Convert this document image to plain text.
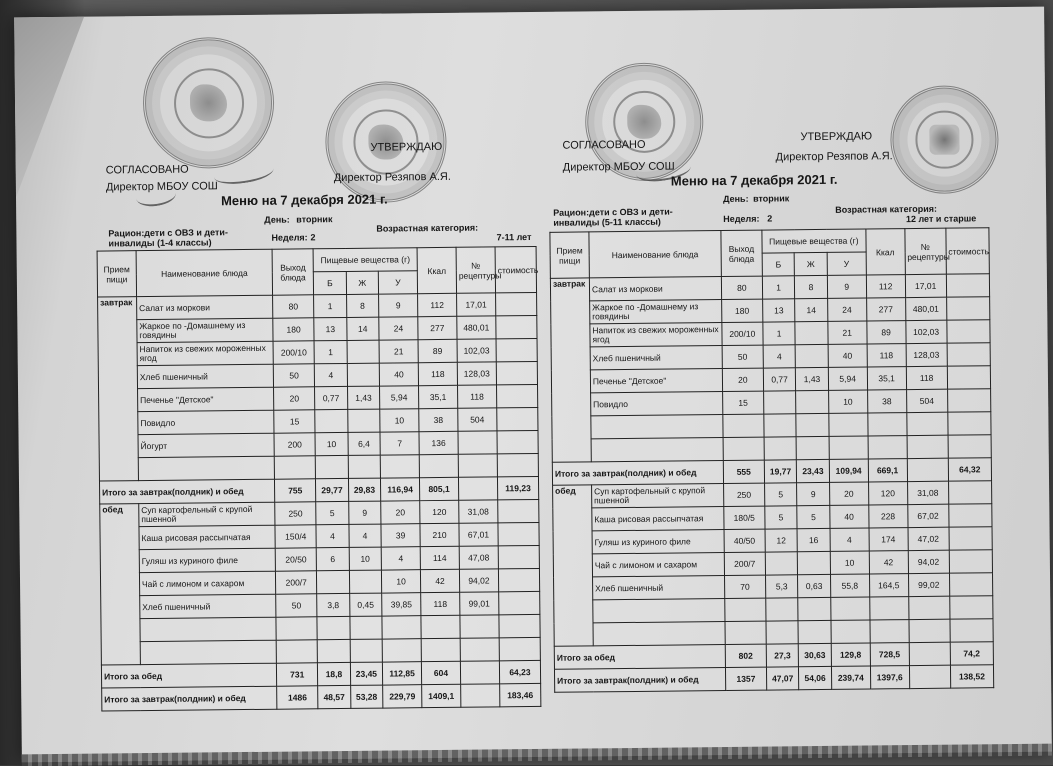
СОГЛАСОВАНО
Директор МБОУ СОШ
УТВЕРЖДАЮ
Директор Резяпов А.Я.
Меню на 7 декабря 2021 г.
День: вторник
Рацион:дети с ОВЗ и дети-инвалиды (1-4 классы)	Неделя: 2
Возрастная категория:
7-11 лет
Прием пищи	Наименование блюда	Выход блюда	Пищевые вещества (г)			Ккал	№ рецептуры	стоимость
			Б	Ж	У			
завтрак	Салат из моркови	80	1	8	9	112	17,01	
	Жаркое по -Домашнему из говядины	180	13	14	24	277	480,01	
	Напиток из свежих мороженных ягод	200/10	1		21	89	102,03	
	Хлеб пшеничный	50	4		40	118	128,03	
	Печенье "Детское"	20	0,77	1,43	5,94	35,1	118	
	Повидло	15			10	38	504	
	Йогурт	200	10	6,4	7	136		

Итого за завтрак(полдник) и обед		755	29,77	29,83	116,94	805,1		119,23
обед	Суп картофельный с крупой пшенной	250	5	9	20	120	31,08	
	Каша рисовая рассыпчатая	150/4	4	4	39	210	67,01	
	Гуляш из куриного филе	20/50	6	10	4	114	47,08	
	Чай с лимоном и сахаром	200/7			10	42	94,02	
	Хлеб пшеничный	50	3,8	0,45	39,85	118	99,01	

Итого за обед		731	18,8	23,45	112,85	604		64,23
Итого за завтрак(полдник) и обед		1486	48,57	53,28	229,79	1409,1		183,46
СОГЛАСОВАНО
Директор МБОУ СОШ
УТВЕРЖДАЮ
Директор Резяпов А.Я.
Меню на 7 декабря 2021 г.
День: вторник
Рацион:дети с ОВЗ и дети-инвалиды (5-11 классы)	Неделя: 2
Возрастная категория:
12 лет и старше
Прием пищи	Наименование блюда	Выход блюда	Пищевые вещества (г)			Ккал	№ рецептуры	стоимость
			Б	Ж	У			
завтрак	Салат из моркови	80	1	8	9	112	17,01	
	Жаркое по -Домашнему из говядины	180	13	14	24	277	480,01	
	Напиток из свежих мороженных ягод	200/10	1		21	89	102,03	
	Хлеб пшеничный	50	4		40	118	128,03	
	Печенье "Детское"	20	0,77	1,43	5,94	35,1	118	
	Повидло	15			10	38	504	

Итого за завтрак(полдник) и обед		555	19,77	23,43	109,94	669,1		64,32
обед	Суп картофельный с крупой пшенной	250	5	9	20	120	31,08	
	Каша рисовая рассыпчатая	180/5	5	5	40	228	67,02	
	Гуляш из куриного филе	40/50	12	16	4	174	47,02	
	Чай с лимоном и сахаром	200/7			10	42	94,02	
	Хлеб пшеничный	70	5,3	0,63	55,8	164,5	99,02	

Итого за обед		802	27,3	30,63	129,8	728,5		74,2
Итого за завтрак(полдник) и обед		1357	47,07	54,06	239,74	1397,6		138,52
